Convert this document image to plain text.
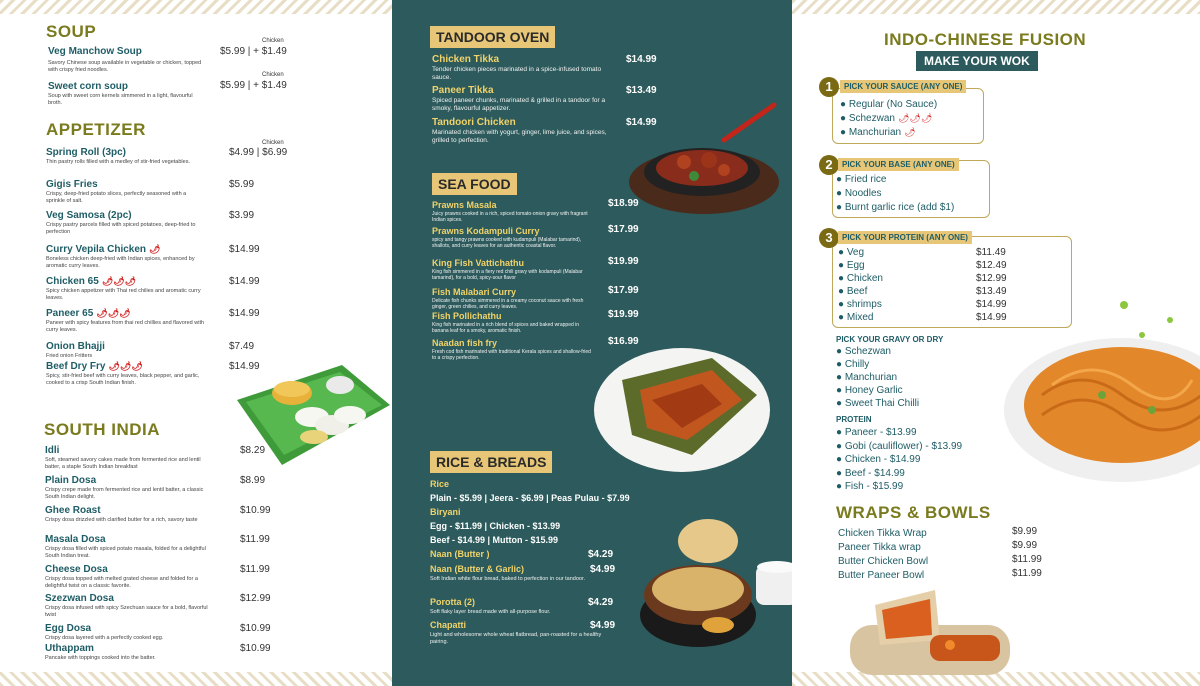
SOUP	Chicken
Veg Manchow Soup	$5.99 | + $1.49
Savory Chinese soup available in vegetable or chicken, topped with crispy fried noodles.
Chicken
Sweet corn soup	$5.99 | + $1.49
Soup with sweet corn kernels simmered in a light, flavourful broth.
APPETIZER
Chicken
Spring Roll (3pc)	$4.99 | $6.99
Thin pastry rolls filled with a medley of stir-fried vegetables.
Gigis Fries	$5.99
Crispy, deep-fried potato slices, perfectly seasoned with a sprinkle of salt.
Veg Samosa (2pc)	$3.99
Crispy pastry parcels filled with spiced potatoes, deep-fried to perfection
Curry Vepila Chicken 🌶	$14.99
Boneless chicken deep-fried with Indian spices, enhanced by aromatic curry leaves.
Chicken 65 🌶🌶🌶	$14.99
Spicy chicken appetizer with Thai red chilies and aromatic curry leaves.
Paneer 65 🌶🌶🌶	$14.99
Paneer with spicy features from thai red chillies and flavored with curry leaves.
Onion Bhajji	$7.49
Fried onion Fritters
Beef Dry Fry 🌶🌶🌶	$14.99
Spicy, stir-fried beef with curry leaves, black pepper, and garlic, cooked to a crisp South Indian finish.
SOUTH INDIA
Idli	$8.29
Soft, steamed savory cakes made from fermented rice and lentil batter, a staple South Indian breakfast
Plain Dosa	$8.99
Crispy crepe made from fermented rice and lentil batter, a classic South Indian delight.
Ghee Roast	$10.99
Crispy dosa drizzled with clarified butter for a rich, savory taste
Masala Dosa	$11.99
Crispy dosa filled with spiced potato masala, folded for a delightful South Indian treat.
Cheese Dosa	$11.99
Crispy dosa topped with melted grated cheese and folded for a delightful twist on a classic favorite.
Szezwan Dosa	$12.99
Crispy dosa infused with spicy Szechuan sauce for a bold, flavorful twist
Egg Dosa	$10.99
Crispy dosa layered with a perfectly cooked egg.
Uthappam	$10.99
Pancake with toppings cooked into the batter.
TANDOOR OVEN
Chicken Tikka	$14.99
Tender chicken pieces marinated in a spice-infused tomato sauce.
Paneer Tikka	$13.49
Spiced paneer chunks, marinated & grilled in a tandoor for a smoky, flavourful appetizer.
Tandoori Chicken	$14.99
Marinated chicken with yogurt, ginger, lime juice, and spices, grilled to perfection.
SEA FOOD
Prawns Masala	$18.99
Juicy prawns cooked in a rich, spiced tomato-onion gravy with fragrant Indian spices.
Prawns Kodampuli Curry	$17.99
spicy and tangy prawns cooked with kudampuli (Malabar tamarind), shallots, and curry leaves for an authentic coastal flavor.
King Fish Vattichathu	$19.99
King fish simmered in a fiery red chili gravy with kodampuli (Malabar tamarind), for a bold, spicy-sour flavor
Fish Malabari Curry	$17.99
Delicate fish chunks simmered in a creamy coconut sauce with fresh ginger, green chilies, and curry leaves.
Fish Pollichathu	$19.99
King fish marinated in a rich blend of spices and baked wrapped in banana leaf for a smoky, aromatic finish.
Naadan fish fry	$16.99
Fresh cod fish marinated with traditional Kerala spices and shallow-fried to a crispy perfection.
RICE & BREADS
Rice
Plain - $5.99 | Jeera - $6.99 | Peas Pulau - $7.99
Biryani
Egg - $11.99 | Chicken - $13.99
Beef - $14.99 | Mutton - $15.99
Naan (Butter )	$4.29
Naan (Butter & Garlic)	$4.99
Soft Indian white flour bread, baked to perfection in our tandoor.
Porotta (2)	$4.29
Soft flaky layer bread made with all-purpose flour.
Chapatti	$4.99
Light and wholesome whole wheat flatbread, pan-roasted for a healthy pairing.
INDO-CHINESE FUSION
MAKE YOUR WOK
1	PICK YOUR SAUCE (ANY ONE)
● Regular (No Sauce)
● Schezwan 🌶🌶🌶
● Manchurian 🌶
2	PICK YOUR BASE (ANY ONE)
● Fried rice
● Noodles
● Burnt garlic rice (add $1)
3	PICK YOUR PROTEIN (ANY ONE)
● Veg	$11.49
● Egg	$12.49
● Chicken	$12.99
● Beef	$13.49
● shrimps	$14.99
● Mixed	$14.99
PICK YOUR GRAVY OR DRY
● Schezwan
● Chilly
● Manchurian
● Honey Garlic
● Sweet Thai Chilli
PROTEIN
● Paneer - $13.99
● Gobi (cauliflower) - $13.99
● Chicken - $14.99
● Beef - $14.99
● Fish - $15.99
WRAPS & BOWLS
Chicken Tikka Wrap	$9.99
Paneer Tikka wrap	$9.99
Butter Chicken Bowl	$11.99
Butter Paneer Bowl	$11.99
